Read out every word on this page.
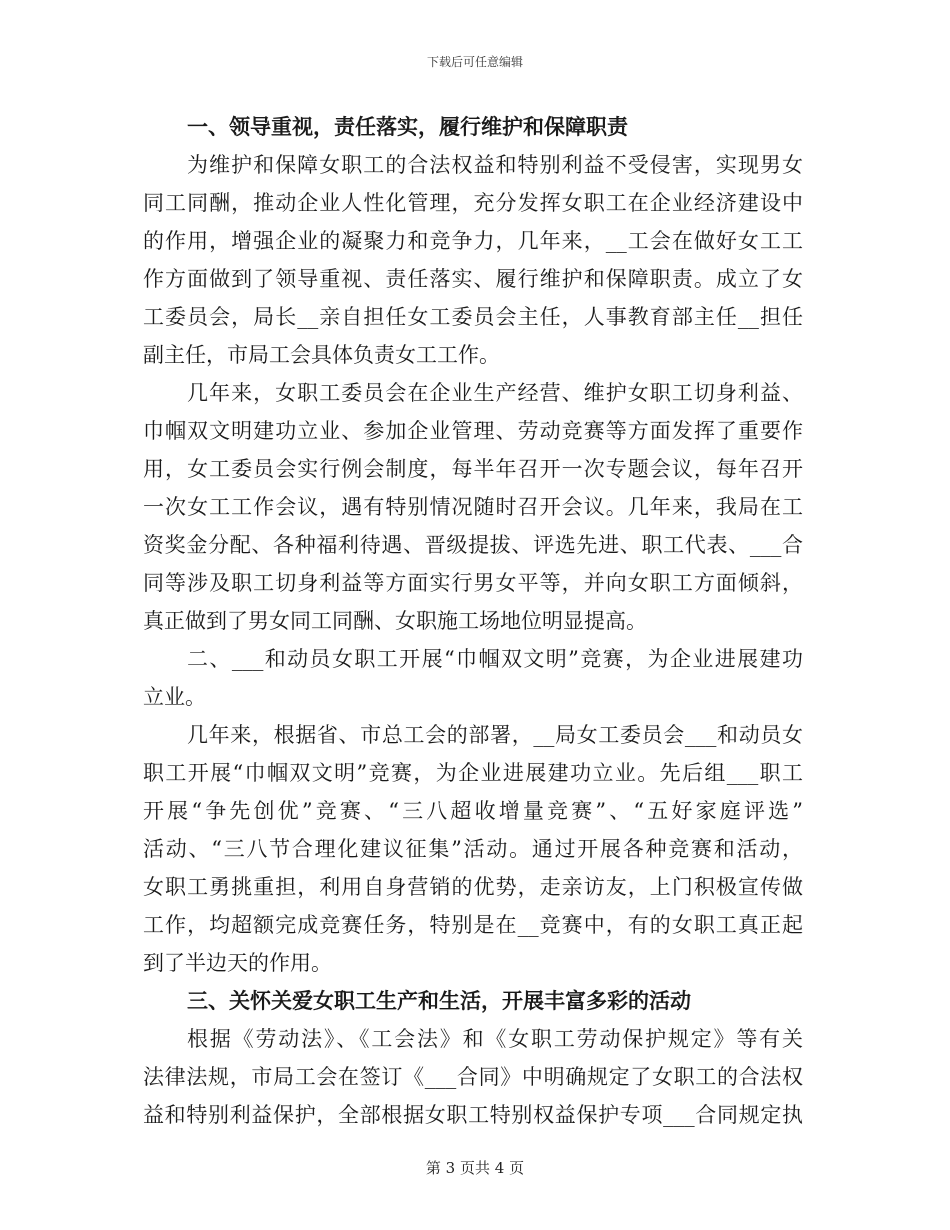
下载后可任意编辑
一、领导重视，责任落实，履行维护和保障职责
为维护和保障女职工的合法权益和特别利益不受侵害，实现男女
同工同酬，推动企业人性化管理，充分发挥女职工在企业经济建设中
的作用，增强企业的凝聚力和竞争力，几年来，__工会在做好女工工
作方面做到了领导重视、责任落实、履行维护和保障职责。成立了女
工委员会，局长__亲自担任女工委员会主任，人事教育部主任__担任
副主任，市局工会具体负责女工工作。
几年来，女职工委员会在企业生产经营、维护女职工切身利益、
巾帼双文明建功立业、参加企业管理、劳动竞赛等方面发挥了重要作
用，女工委员会实行例会制度，每半年召开一次专题会议，每年召开
一次女工工作会议，遇有特别情况随时召开会议。几年来，我局在工
资奖金分配、各种福利待遇、晋级提拔、评选先进、职工代表、___合
同等涉及职工切身利益等方面实行男女平等，并向女职工方面倾斜，
真正做到了男女同工同酬、女职施工场地位明显提高。
二、___和动员女职工开展“巾帼双文明”竞赛，为企业进展建功
立业。
几年来，根据省、市总工会的部署，__局女工委员会___和动员女
职工开展“巾帼双文明”竞赛，为企业进展建功立业。先后组___职工
开展“争先创优”竞赛、“三八超收增量竞赛”、“五好家庭评选”
活动、“三八节合理化建议征集”活动。通过开展各种竞赛和活动，
女职工勇挑重担，利用自身营销的优势，走亲访友，上门积极宣传做
工作，均超额完成竞赛任务，特别是在__竞赛中，有的女职工真正起
到了半边天的作用。
三、关怀关爱女职工生产和生活，开展丰富多彩的活动
根据《劳动法》、《工会法》和《女职工劳动保护规定》等有关
法律法规，市局工会在签订《___合同》中明确规定了女职工的合法权
益和特别利益保护，全部根据女职工特别权益保护专项___合同规定执
第 3 页共 4 页
